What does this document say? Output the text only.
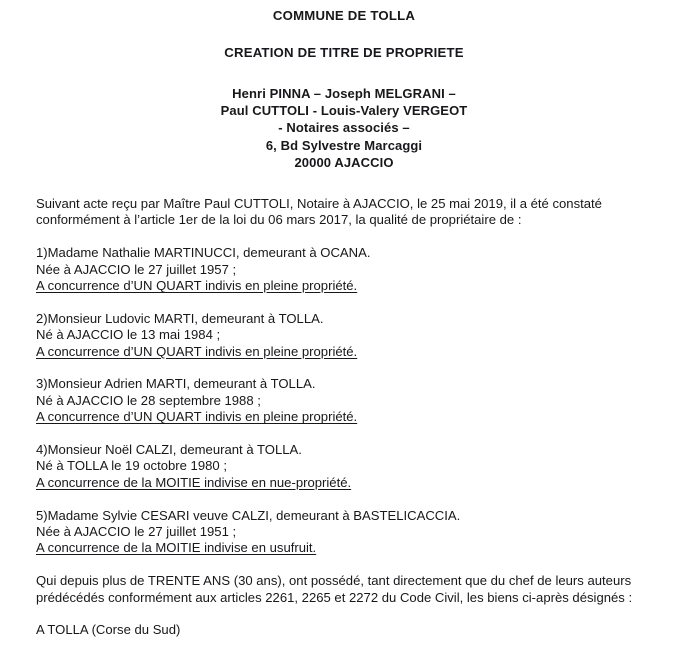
COMMUNE DE TOLLA
CREATION DE TITRE DE PROPRIETE
Henri PINNA – Joseph MELGRANI –
Paul CUTTOLI - Louis-Valery VERGEOT
- Notaires associés –
6, Bd Sylvestre Marcaggi
20000 AJACCIO

Suivant acte reçu par Maître Paul CUTTOLI, Notaire à AJACCIO, le 25 mai 2019, il a été constaté conformément à l’article 1er de la loi du 06 mars 2017, la qualité de propriétaire de :

1)Madame Nathalie MARTINUCCI, demeurant à OCANA.

Née à AJACCIO le 27 juillet 1957 ;

A concurrence d’UN QUART indivis en pleine propriété.

2)Monsieur Ludovic MARTI, demeurant à TOLLA.

Né à AJACCIO le 13 mai 1984 ;

A concurrence d’UN QUART indivis en pleine propriété.

3)Monsieur Adrien MARTI, demeurant à TOLLA.

Né à AJACCIO le 28 septembre 1988 ;

A concurrence d’UN QUART indivis en pleine propriété.

4)Monsieur Noël CALZI, demeurant à TOLLA.

Né à TOLLA le 19 octobre 1980 ;

A concurrence de la MOITIE indivise en nue-propriété.

5)Madame Sylvie CESARI veuve CALZI, demeurant à BASTELICACCIA.

Née à AJACCIO le 27 juillet 1951 ;

A concurrence de la MOITIE indivise en usufruit.

Qui depuis plus de TRENTE ANS (30 ans), ont possédé, tant directement que du chef de leurs auteurs prédécédés conformément aux articles 2261, 2265 et 2272 du Code Civil, les biens ci-après désignés :

A TOLLA (Corse du Sud)
